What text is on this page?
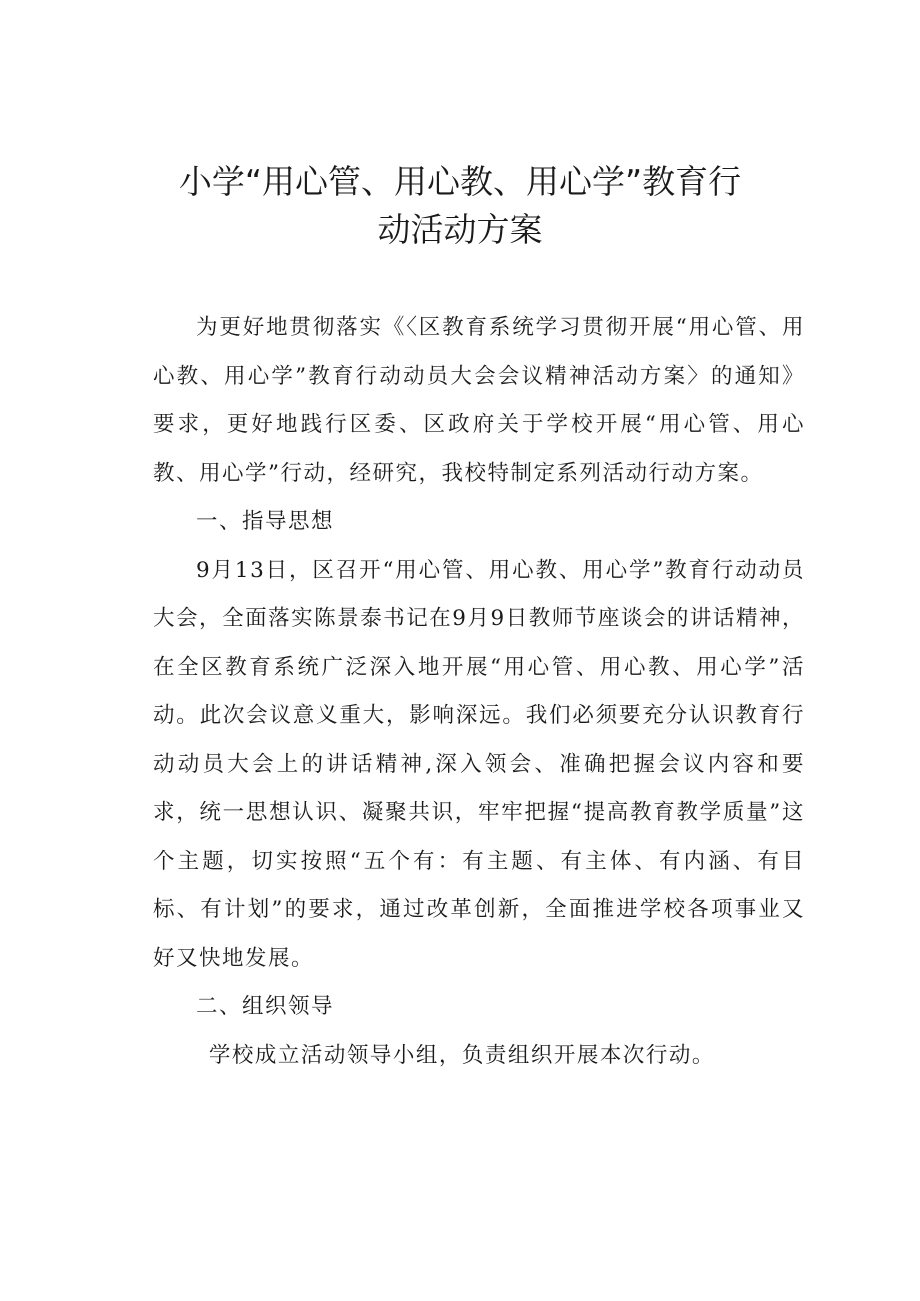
小学“用心管、用心教、用心学”教育行
动活动方案

为更好地贯彻落实《〈区教育系统学习贯彻开展“用心管、用心教、用心学”教育行动动员大会会议精神活动方案〉的通知》要求，更好地践行区委、区政府关于学校开展“用心管、用心教、用心学”行动，经研究，我校特制定系列活动行动方案。

一、指导思想

9月13日，区召开“用心管、用心教、用心学”教育行动动员大会，全面落实陈景泰书记在9月9日教师节座谈会的讲话精神，在全区教育系统广泛深入地开展“用心管、用心教、用心学”活动。此次会议意义重大，影响深远。我们必须要充分认识教育行动动员大会上的讲话精神,深入领会、准确把握会议内容和要求，统一思想认识、凝聚共识，牢牢把握“提高教育教学质量”这个主题，切实按照“五个有：有主题、有主体、有内涵、有目标、有计划”的要求，通过改革创新，全面推进学校各项事业又好又快地发展。

二、组织领导

学校成立活动领导小组，负责组织开展本次行动。
